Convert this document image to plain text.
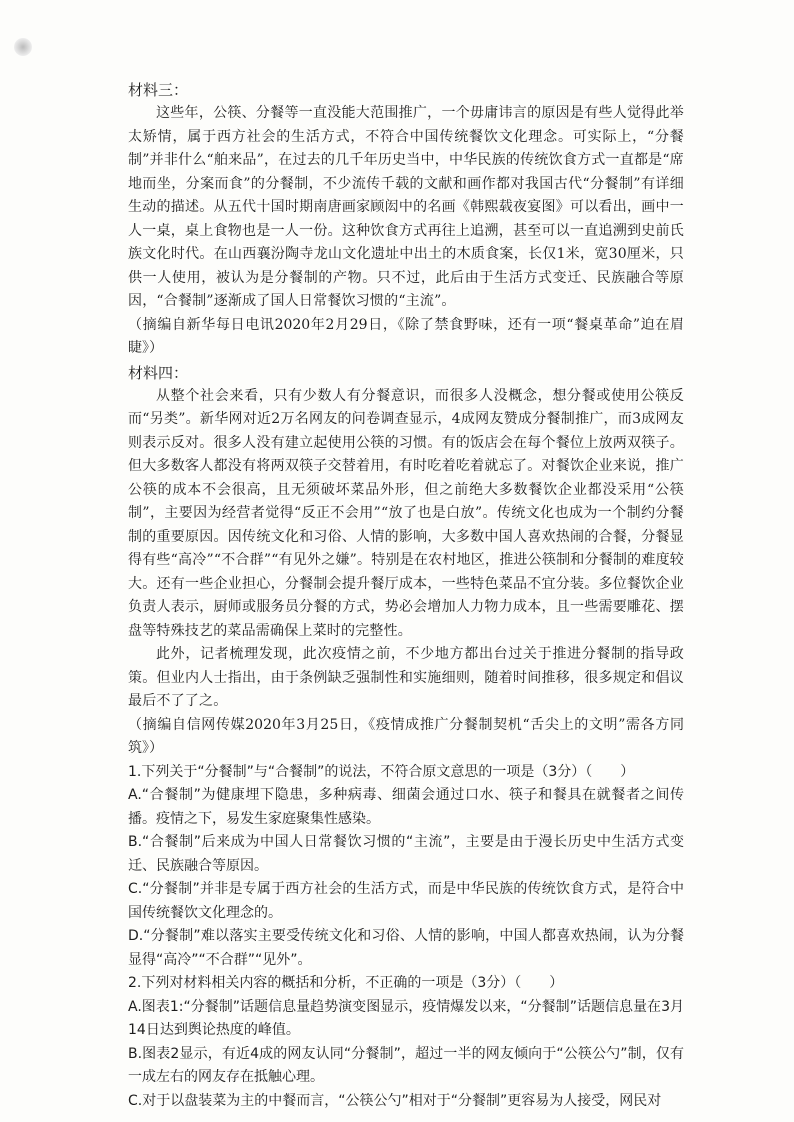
材料三：

这些年，公筷、分餐等一直没能大范围推广，一个毋庸讳言的原因是有些人觉得此举太矫情，属于西方社会的生活方式，不符合中国传统餐饮文化理念。可实际上，“分餐制”并非什么“舶来品”，在过去的几千年历史当中，中华民族的传统饮食方式一直都是“席地而坐，分案而食”的分餐制，不少流传千载的文献和画作都对我国古代“分餐制”有详细生动的描述。从五代十国时期南唐画家顾闳中的名画《韩熙载夜宴图》可以看出，画中一人一桌，桌上食物也是一人一份。这种饮食方式再往上追溯，甚至可以一直追溯到史前氏族文化时代。在山西襄汾陶寺龙山文化遗址中出土的木质食案，长仅1米，宽30厘米，只供一人使用，被认为是分餐制的产物。只不过，此后由于生活方式变迁、民族融合等原因，“合餐制”逐渐成了国人日常餐饮习惯的“主流”。

（摘编自新华每日电讯2020年2月29日，《除了禁食野味，还有一项“餐桌革命”迫在眉睫》）

材料四：

从整个社会来看，只有少数人有分餐意识，而很多人没概念，想分餐或使用公筷反而“另类”。新华网对近2万名网友的问卷调查显示，4成网友赞成分餐制推广，而3成网友则表示反对。很多人没有建立起使用公筷的习惯。有的饭店会在每个餐位上放两双筷子。但大多数客人都没有将两双筷子交替着用，有时吃着吃着就忘了。对餐饮企业来说，推广公筷的成本不会很高，且无须破坏菜品外形，但之前绝大多数餐饮企业都没采用“公筷制”，主要因为经营者觉得“反正不会用”“放了也是白放”。传统文化也成为一个制约分餐制的重要原因。因传统文化和习俗、人情的影响，大多数中国人喜欢热闹的合餐，分餐显得有些“高冷”“不合群”“有见外之嫌”。特别是在农村地区，推进公筷制和分餐制的难度较大。还有一些企业担心，分餐制会提升餐厅成本，一些特色菜品不宜分装。多位餐饮企业负责人表示，厨师或服务员分餐的方式，势必会增加人力物力成本，且一些需要雕花、摆盘等特殊技艺的菜品需确保上菜时的完整性。

此外，记者梳理发现，此次疫情之前，不少地方都出台过关于推进分餐制的指导政策。但业内人士指出，由于条例缺乏强制性和实施细则，随着时间推移，很多规定和倡议最后不了了之。

（摘编自信网传媒2020年3月25日，《疫情成推广分餐制契机“舌尖上的文明”需各方同筑》）

1.下列关于“分餐制”与“合餐制”的说法，不符合原文意思的一项是（3分）（　　）

A.“合餐制”为健康埋下隐患，多种病毒、细菌会通过口水、筷子和餐具在就餐者之间传播。疫情之下，易发生家庭聚集性感染。

B.“合餐制”后来成为中国人日常餐饮习惯的“主流”，主要是由于漫长历史中生活方式变迁、民族融合等原因。

C.“分餐制”并非是专属于西方社会的生活方式，而是中华民族的传统饮食方式，是符合中国传统餐饮文化理念的。

D.“分餐制”难以落实主要受传统文化和习俗、人情的影响，中国人都喜欢热闹，认为分餐显得“高冷”“不合群”“见外”。

2.下列对材料相关内容的概括和分析，不正确的一项是（3分）（　　）

A.图表1:“分餐制”话题信息量趋势演变图显示，疫情爆发以来，“分餐制”话题信息量在3月14日达到舆论热度的峰值。

B.图表2显示，有近4成的网友认同“分餐制”，超过一半的网友倾向于“公筷公勺”制，仅有一成左右的网友存在抵触心理。

C.对于以盘装菜为主的中餐而言，“公筷公勺”相对于“分餐制”更容易为人接受，网民对
